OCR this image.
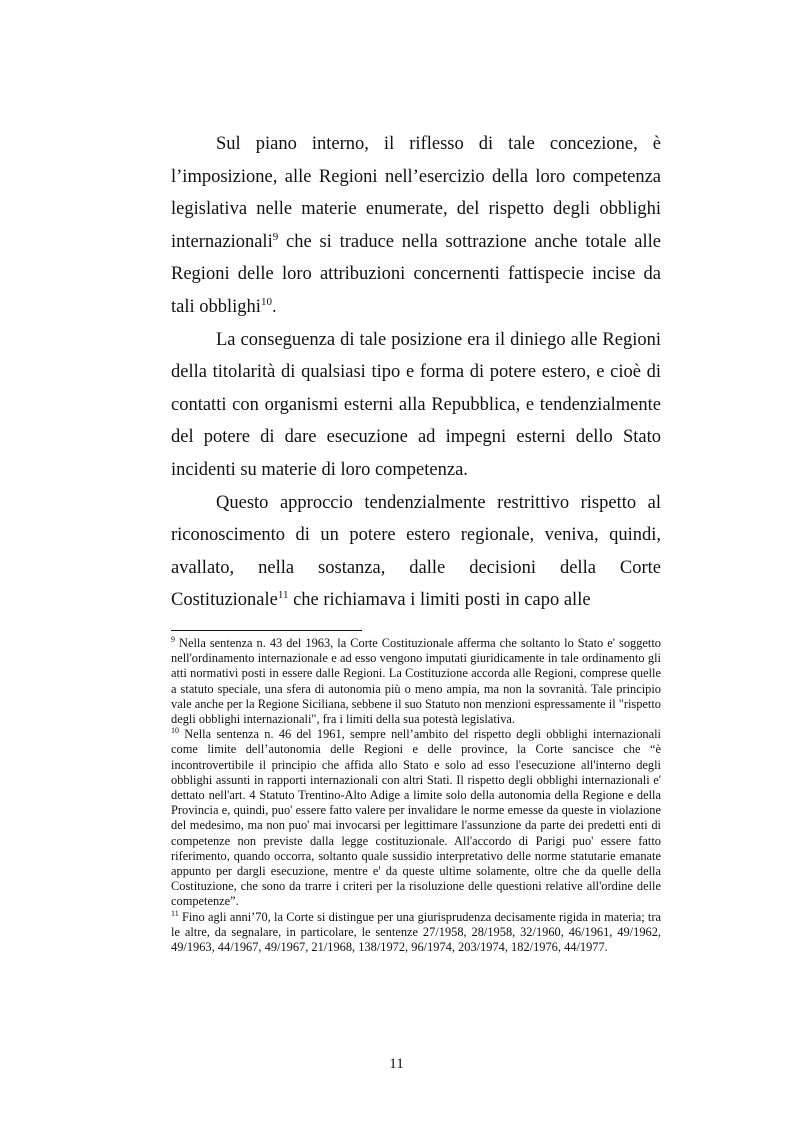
Sul piano interno, il riflesso di tale concezione, è l’imposizione, alle Regioni nell’esercizio della loro competenza legislativa nelle materie enumerate, del rispetto degli obblighi internazionali$^9$ che si traduce nella sottrazione anche totale alle Regioni delle loro attribuzioni concernenti fattispecie incise da tali obblighi$^{10}$.

La conseguenza di tale posizione era il diniego alle Regioni della titolarità di qualsiasi tipo e forma di potere estero, e cioè di contatti con organismi esterni alla Repubblica, e tendenzialmente del potere di dare esecuzione ad impegni esterni dello Stato incidenti su materie di loro competenza.

Questo approccio tendenzialmente restrittivo rispetto al riconoscimento di un potere estero regionale, veniva, quindi, avallato, nella sostanza, dalle decisioni della Corte Costituzionale$^{11}$ che richiamava i limiti posti in capo alle

$^9$ Nella sentenza n. 43 del 1963, la Corte Costituzionale afferma che soltanto lo Stato e' soggetto nell'ordinamento internazionale e ad esso vengono imputati giuridicamente in tale ordinamento gli atti normativi posti in essere dalle Regioni. La Costituzione accorda alle Regioni, comprese quelle a statuto speciale, una sfera di autonomia più o meno ampia, ma non la sovranità. Tale principio vale anche per la Regione Siciliana, sebbene il suo Statuto non menzioni espressamente il "rispetto degli obblighi internazionali", fra i limiti della sua potestà legislativa.

$^{10}$ Nella sentenza n. 46 del 1961, sempre nell’ambito del rispetto degli obblighi internazionali come limite dell’autonomia delle Regioni e delle province, la Corte sancisce che “è incontrovertibile il principio che affida allo Stato e solo ad esso l'esecuzione all'interno degli obblighi assunti in rapporti internazionali con altri Stati. Il rispetto degli obblighi internazionali e' dettato nell'art. 4 Statuto Trentino-Alto Adige a limite solo della autonomia della Regione e della Provincia e, quindi, puo' essere fatto valere per invalidare le norme emesse da queste in violazione del medesimo, ma non puo' mai invocarsi per legittimare l'assunzione da parte dei predetti enti di competenze non previste dalla legge costituzionale. All'accordo di Parigi puo' essere fatto riferimento, quando occorra, soltanto quale sussidio interpretativo delle norme statutarie emanate appunto per dargli esecuzione, mentre e' da queste ultime solamente, oltre che da quelle della Costituzione, che sono da trarre i criteri per la risoluzione delle questioni relative all'ordine delle competenze”.

$^{11}$ Fino agli anni’70, la Corte si distingue per una giurisprudenza decisamente rigida in materia; tra le altre, da segnalare, in particolare, le sentenze 27/1958, 28/1958, 32/1960, 46/1961, 49/1962, 49/1963, 44/1967, 49/1967, 21/1968, 138/1972, 96/1974, 203/1974, 182/1976, 44/1977.

11
